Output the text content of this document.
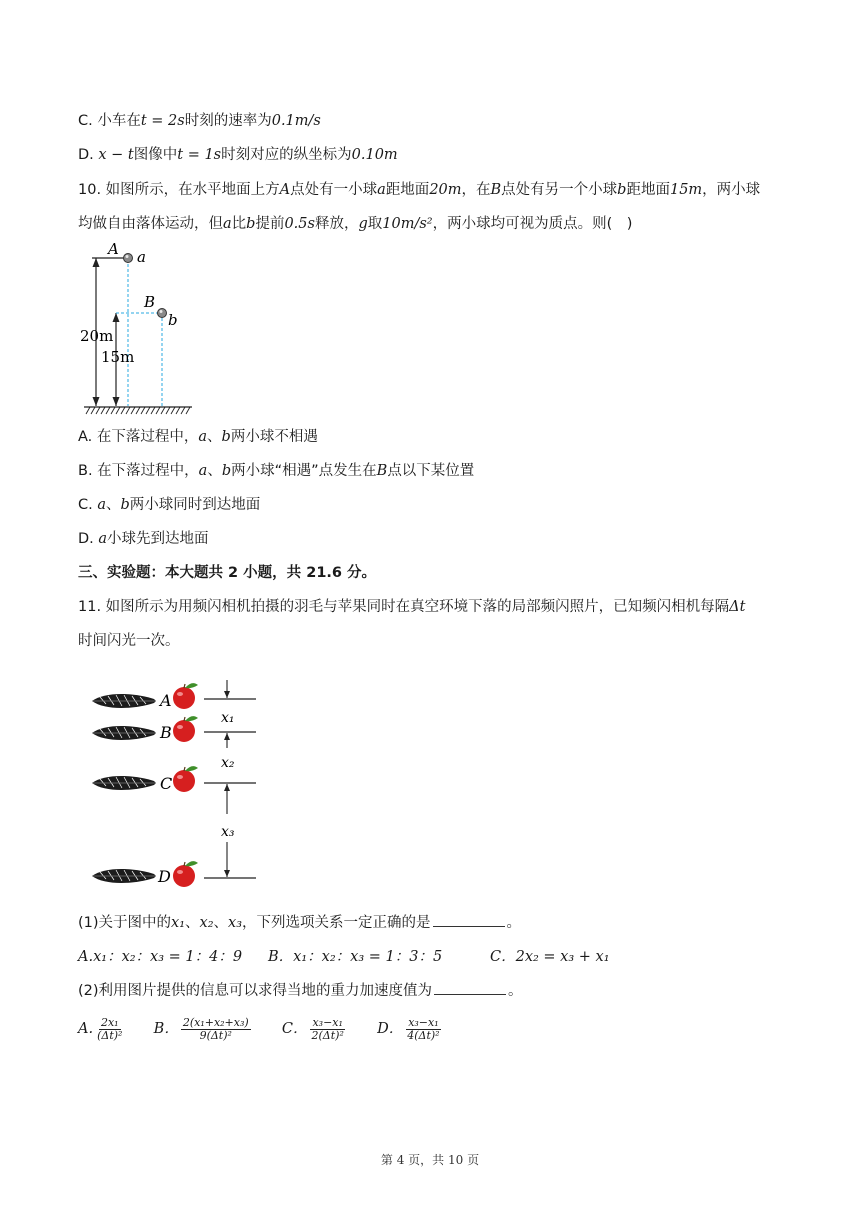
C. 小车在t = 2s时刻的速率为0.1m/s
D. x − t图像中t = 1s时刻对应的纵坐标为0.10m
10. 如图所示，在水平地面上方A点处有一小球a距地面20m，在B点处有另一个小球b距地面15m，两小球
均做自由落体运动，但a比b提前0.5s释放，g取10m/s²，两小球均可视为质点。则(　)
A a
B
b
20m
15m
A. 在下落过程中，a、b两小球不相遇
B. 在下落过程中，a、b两小球“相遇”点发生在B点以下某位置
C. a、b两小球同时到达地面
D. a小球先到达地面
三、实验题：本大题共 2 小题，共 21.6 分。
11. 如图所示为用频闪相机拍摄的羽毛与苹果同时在真空环境下落的局部频闪照片，已知频闪相机每隔Δt
时间闪光一次。
A
B
C
D
x₁
x₂
x₃
(1)关于图中的x₁、x₂、x₃，下列选项关系一定正确的是	。
A.x₁：x₂：x₃ = 1：4：9 B．x₁：x₂：x₃ = 1：3：5	C．2x₂ = x₃ + x₁
(2)利用图片提供的信息可以求得当地的重力加速度值为	。
A. $\frac{\text{2x₁}}{\text{(Δt)²}}$ B． $\frac{\text{2(x₁+x₂+x₃)}}{\text{9(Δt)²}}$ C． $\frac{\text{x₃−x₁}}{\text{2(Δt)²}}$ D． $\frac{\text{x₃−x₁}}{\text{4(Δt)²}}$
第 4 页，共 10 页
